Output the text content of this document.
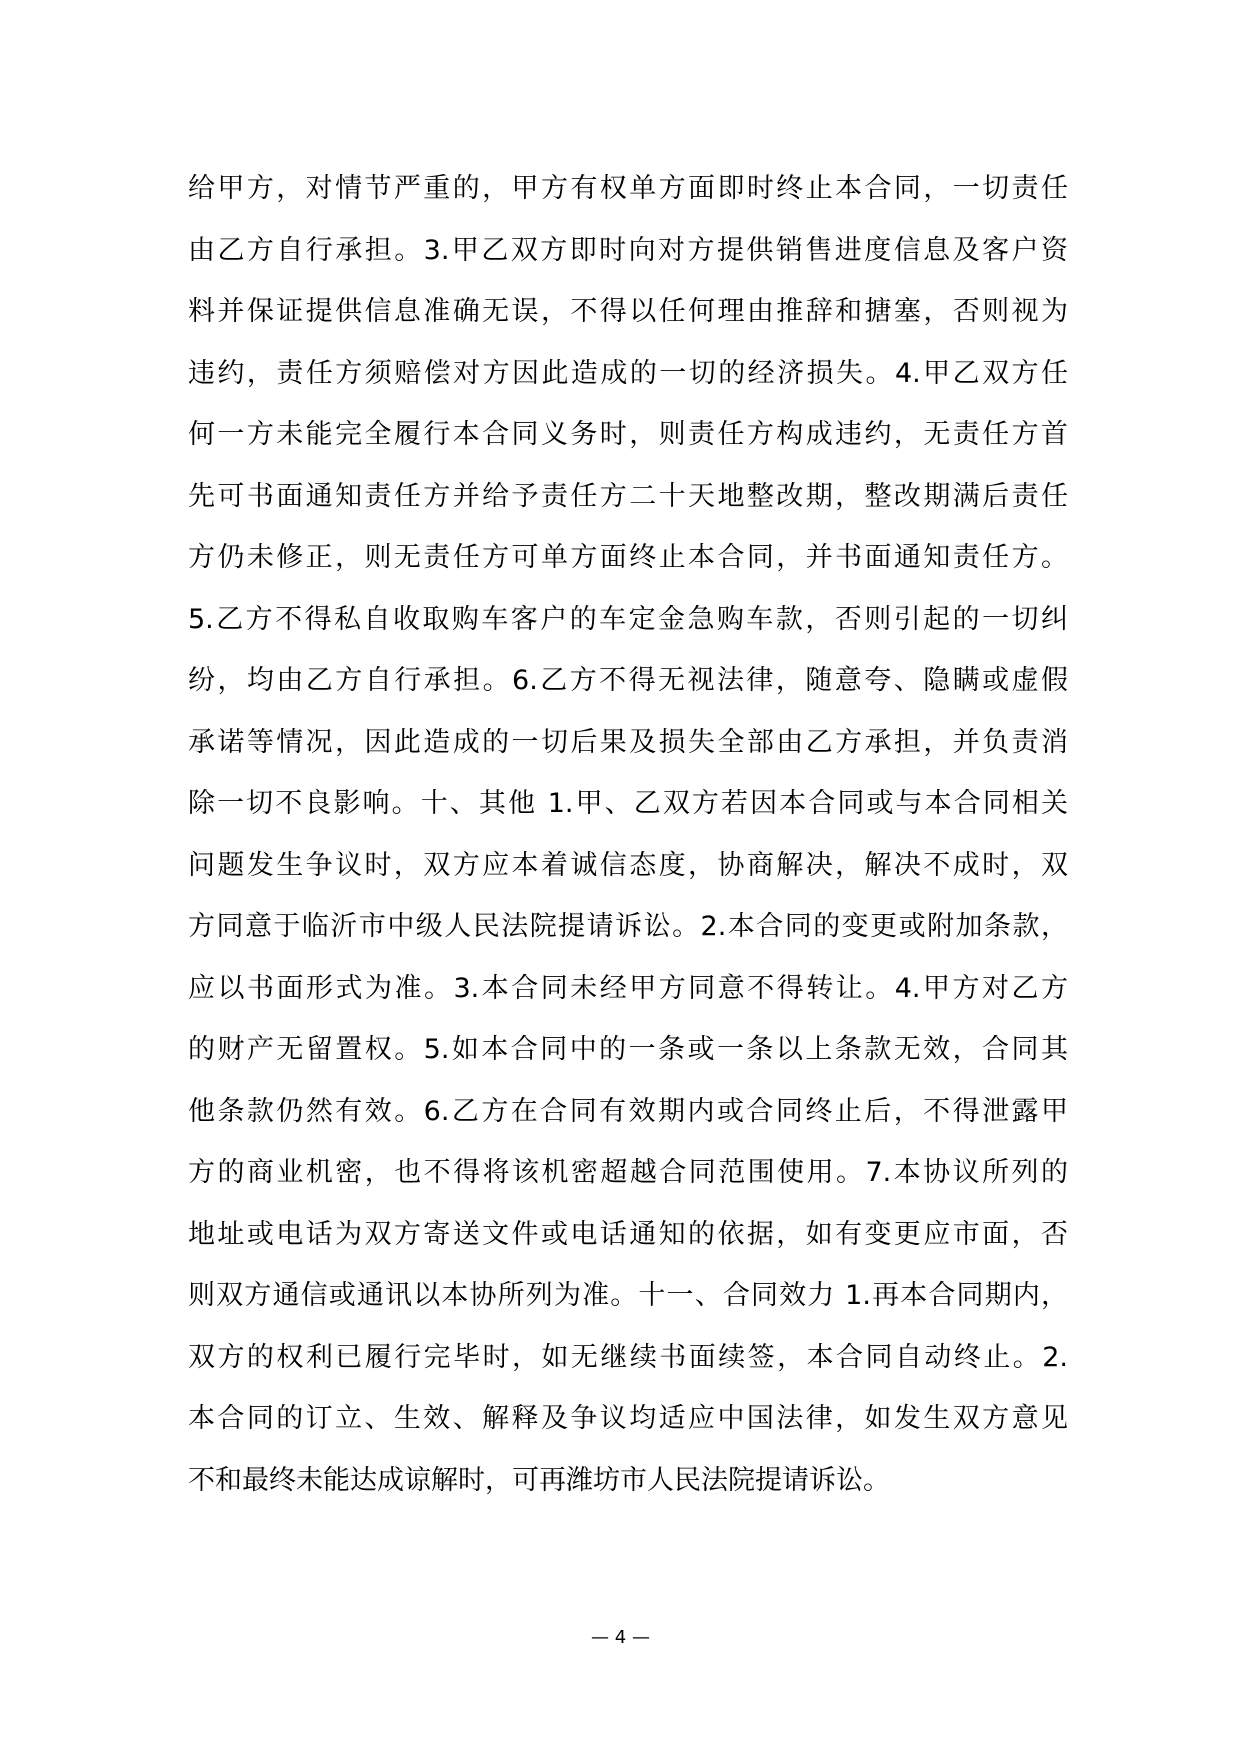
给甲方，对情节严重的，甲方有权单方面即时终止本合同，一切责任
由乙方自行承担。3.甲乙双方即时向对方提供销售进度信息及客户资
料并保证提供信息准确无误，不得以任何理由推辞和搪塞，否则视为
违约，责任方须赔偿对方因此造成的一切的经济损失。4.甲乙双方任
何一方未能完全履行本合同义务时，则责任方构成违约，无责任方首
先可书面通知责任方并给予责任方二十天地整改期，整改期满后责任
方仍未修正，则无责任方可单方面终止本合同，并书面通知责任方。
5.乙方不得私自收取购车客户的车定金急购车款，否则引起的一切纠
纷，均由乙方自行承担。6.乙方不得无视法律，随意夸、隐瞒或虚假
承诺等情况，因此造成的一切后果及损失全部由乙方承担，并负责消
除一切不良影响。十、其他 1.甲、乙双方若因本合同或与本合同相关
问题发生争议时，双方应本着诚信态度，协商解决，解决不成时，双
方同意于临沂市中级人民法院提请诉讼。2.本合同的变更或附加条款，
应以书面形式为准。3.本合同未经甲方同意不得转让。4.甲方对乙方
的财产无留置权。5.如本合同中的一条或一条以上条款无效，合同其
他条款仍然有效。6.乙方在合同有效期内或合同终止后，不得泄露甲
方的商业机密，也不得将该机密超越合同范围使用。7.本协议所列的
地址或电话为双方寄送文件或电话通知的依据，如有变更应市面，否
则双方通信或通讯以本协所列为准。十一、合同效力 1.再本合同期内，
双方的权利已履行完毕时，如无继续书面续签，本合同自动终止。2.
本合同的订立、生效、解释及争议均适应中国法律，如发生双方意见
不和最终未能达成谅解时，可再潍坊市人民法院提请诉讼。
— 4 —
